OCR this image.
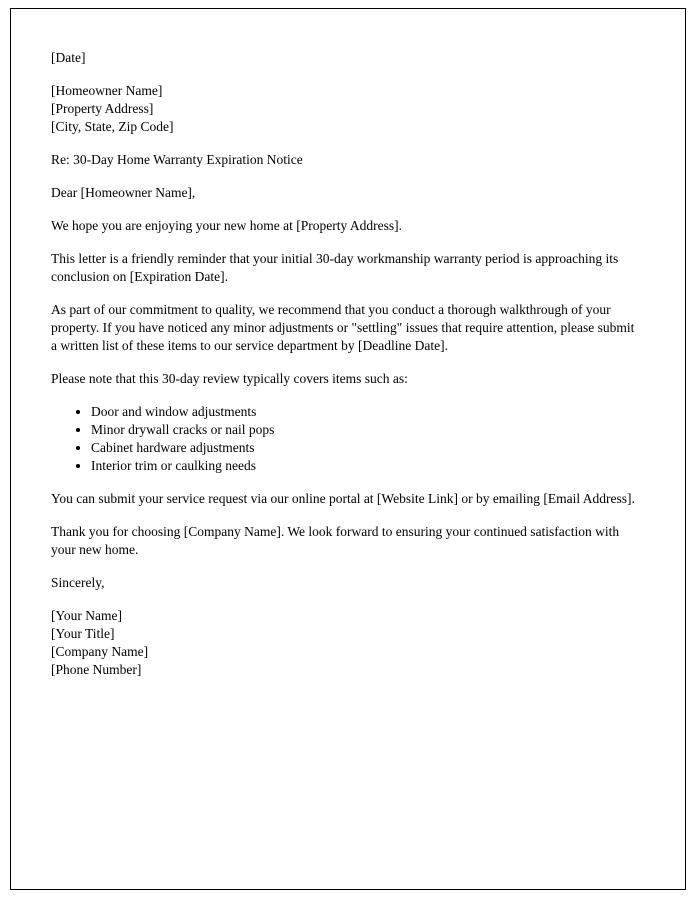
[Date]
[Homeowner Name]
[Property Address]
[City, State, Zip Code]
Re: 30-Day Home Warranty Expiration Notice
Dear [Homeowner Name],
We hope you are enjoying your new home at [Property Address].
This letter is a friendly reminder that your initial 30-day workmanship warranty period is approaching its conclusion on [Expiration Date].
As part of our commitment to quality, we recommend that you conduct a thorough walkthrough of your property. If you have noticed any minor adjustments or "settling" issues that require attention, please submit a written list of these items to our service department by [Deadline Date].
Please note that this 30-day review typically covers items such as:
• Door and window adjustments
• Minor drywall cracks or nail pops
• Cabinet hardware adjustments
• Interior trim or caulking needs
You can submit your service request via our online portal at [Website Link] or by emailing [Email Address].
Thank you for choosing [Company Name]. We look forward to ensuring your continued satisfaction with your new home.
Sincerely,
[Your Name]
[Your Title]
[Company Name]
[Phone Number]
